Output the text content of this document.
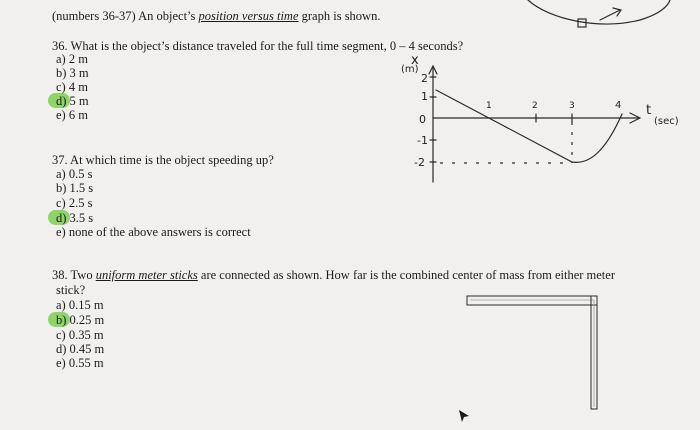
(numbers 36-37) An object’s position versus time graph is shown.
36. What is the object’s distance traveled for the full time segment, 0 – 4 seconds?
a) 2 m
b) 3 m
c) 4 m
d) 5 m
e) 6 m
37. At which time is the object speeding up?
a) 0.5 s
b) 1.5 s
c) 2.5 s
d) 3.5 s
e) none of the above answers is correct
38. Two uniform meter sticks are connected as shown. How far is the combined center of mass from either meter
stick?
a) 0.15 m
b) 0.25 m
c) 0.35 m
d) 0.45 m
e) 0.55 m
x
(m)
2
1
0
-1
-2
1	2	3	4 t
(sec)
